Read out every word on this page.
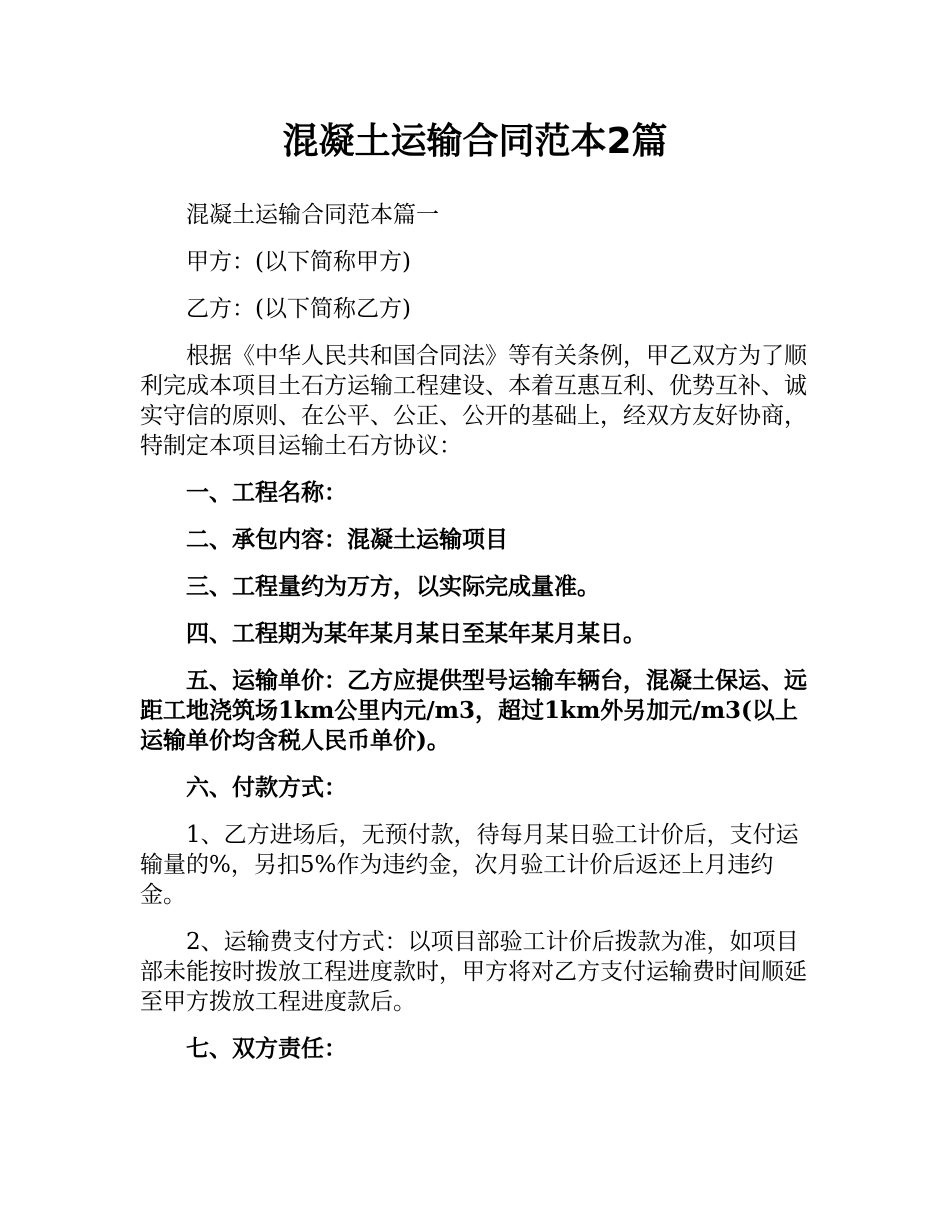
混凝土运输合同范本2篇

混凝土运输合同范本篇一

甲方：(以下简称甲方)

乙方：(以下简称乙方)

根据《中华人民共和国合同法》等有关条例，甲乙双方为了顺利完成本项目土石方运输工程建设、本着互惠互利、优势互补、诚实守信的原则、在公平、公正、公开的基础上，经双方友好协商，特制定本项目运输土石方协议：

一、工程名称：

二、承包内容：混凝土运输项目

三、工程量约为万方，以实际完成量准。

四、工程期为某年某月某日至某年某月某日。

五、运输单价：乙方应提供型号运输车辆台，混凝土保运、远距工地浇筑场1km公里内元/m3，超过1km外另加元/m3(以上运输单价均含税人民币单价)。

六、付款方式：

1、乙方进场后，无预付款，待每月某日验工计价后，支付运输量的%，另扣5%作为违约金，次月验工计价后返还上月违约金。

2、运输费支付方式：以项目部验工计价后拨款为准，如项目部未能按时拨放工程进度款时，甲方将对乙方支付运输费时间顺延至甲方拨放工程进度款后。

七、双方责任：
